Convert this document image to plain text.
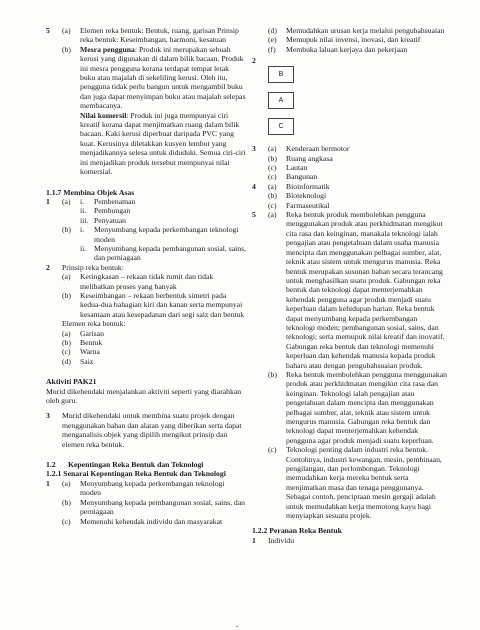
5	(a)	Elemen reka bentuk: Bentuk, ruang, garisan Prinsip reka bentuk: Keseimbangan, harmoni, kesatuan
(b)	Mesra pengguna: Produk ini merupakan sebuah kerusi yang digunakan di dalam bilik bacaan. Produk ini mesra pengguna kerana terdapat tempat letak buku atau majalah di sekeliling kerusi. Oleh itu, pengguna tidak perlu bangun untuk mengambil buku dan juga dapat menyimpan buku atau majalah selepas membacanya.
Nilai komersil: Produk ini juga mempunyai ciri kreatif kerana dapat menjimatkan ruang dalam bilik bacaan. Kaki kerusi diperbuat daripada PVC yang kuat. Kerusinya diletakkan kusyen lembut yang menjadikannya selesa untuk diduduki. Semua ciri-ciri ini menjadikan produk tersebut mempunyai nilai komersial.
1.1.7 Membina Objek Asas
1	(a)	i.	Pembenaman
ii.	Pembungan
iii. Penyatuan
(b)	i.	Menyumbang kepada perkembangan teknologi moden
ii.	Menyumbang kepada pembangunan sosial, sains, dan perniagaan
2	Prinsip reka bentuk:
(a)	Keringkasan – rekaan tidak rumit dan tidak melibatkan proses yang banyak
(b)	Keseimbangan – rekaan berbentuk simetri pada kedua-dua bahagian kiri dan kanan serta mempunyai kesamaan atau kesepadanan dari segi saiz dan bentuk
Elemen reka bentuk:
(a)	Garisan
(b)	Bentuk
(c)	Warna
(d)	Saiz
Aktiviti PAK21
Murid dikehendaki menjalankan aktiviti seperti yang diarahkan oleh guru.
3	Murid dikehendaki untuk membina suatu projek dengan menggunakan bahan dan alatan yang diberikan serta dapat menganalisis objek yang dipilih mengikut prinsip dan elemen reka bentuk.
1.2	Kepentingan Reka Bentuk dan Teknologi
1.2.1 Senarai Kepentingan Reka Bentuk dan Teknologi
1	(a)	Menyumbang kepada perkembangan teknologi moden
(b)	Menyumbang kepada pembangunan sosial, sains, dan perniagaan
(c)	Memenuhi kehendak individu dan masyarakat
(d)	Memudahkan urusan kerja melalui pengubahsuaian
(e)	Memupuk nilai invensi, inovasi, dan kreatif
(f)	Membuka laluan kerjaya dan pekerjaan
2
B
A
C
3	(a)	Kenderaan bermotor
(b)	Ruang angkasa
(c)	Lautan
(c)	Bangunan
4	(a)	Bioinformatik
(b)	Bioteknologi
(c)	Farmaseutikal
5	(a)	Reka bentuk produk membolehkan pengguna menggunakan produk atau perkhidmatan mengikut cita rasa dan keinginan, manakala teknologi ialah pengajian atau pengetahuan dalam usaha manusia mencipta dan menggunakan pelbagai sumber, alat, teknik atau sistem untuk mengurus manusia. Reka bentuk merupakan susunan bahan secara terancang untuk menghasilkan suatu produk. Gabungan reka bentuk dan teknologi dapat menterjemahkan kehendak pengguna agar produk menjadi suatu keperluan dalam kehidupan harian. Reka bentuk dapat menyumbang kepada perkembangan teknologi moden; pembangunan sosial, sains, dan teknologi; serta memupuk nilai kreatif dan inovatif. Gabungan reka bentuk dan teknologi memenuhi keperluan dan kehendak manusia kepada produk baharu atau dengan pengubahsuaian produk.
(b)	Reka bentuk membolehkan pengguna menggunakan produk atau perkhidmatan mengikut cita rasa dan keinginan. Teknologi ialah pengajian atau pengetahuan dalam mencipta dan menggunakan pelbagai sumber, alat, teknik atau sistem untuk mengurus manusia. Gabungan reka bentuk dan teknologi dapat menterjemahkan kehendak pengguna agar produk menjadi suatu keperluan.
(c)	Teknologi penting dalam industri reka bentuk. Contohnya, industri kewangan, mesin, pembinaan, pengilangan, dan perlombongan. Teknologi memudahkan kerja mereka bentuk serta menjimatkan masa dan tenaga penggunanya. Sebagai contoh, penciptaan mesin gergaji adalah untuk memudahkan kerja memotong kayu bagi menyiapkan sesuatu projek.
1.2.2 Peranan Reka Bentuk
1	Individu
-
